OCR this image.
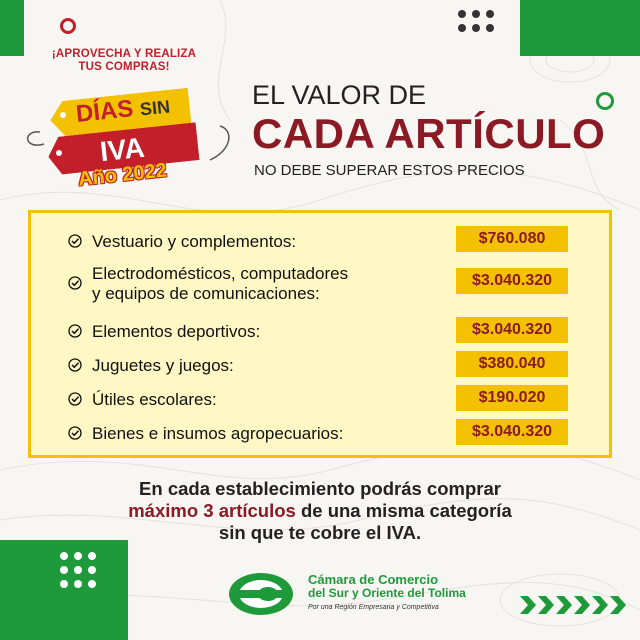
¡APROVECHA Y REALIZA
TUS COMPRAS!
DÍAS SIN
IVA
Año 2022
EL VALOR DE
CADA ARTÍCULO
NO DEBE SUPERAR ESTOS PRECIOS
Vestuario y complementos:	$760.080
Electrodomésticos, computadores
y equipos de comunicaciones:
$3.040.320
Elementos deportivos:	$3.040.320
Juguetes y juegos:	$380.040
Útiles escolares:	$190.020
Bienes e insumos agropecuarios:	$3.040.320
En cada establecimiento podrás comprar
máximo 3 artículos de una misma categoría
sin que te cobre el IVA.
Cámara de Comercio
del Sur y Oriente del Tolima
Por una Región Empresaria y Competitiva
